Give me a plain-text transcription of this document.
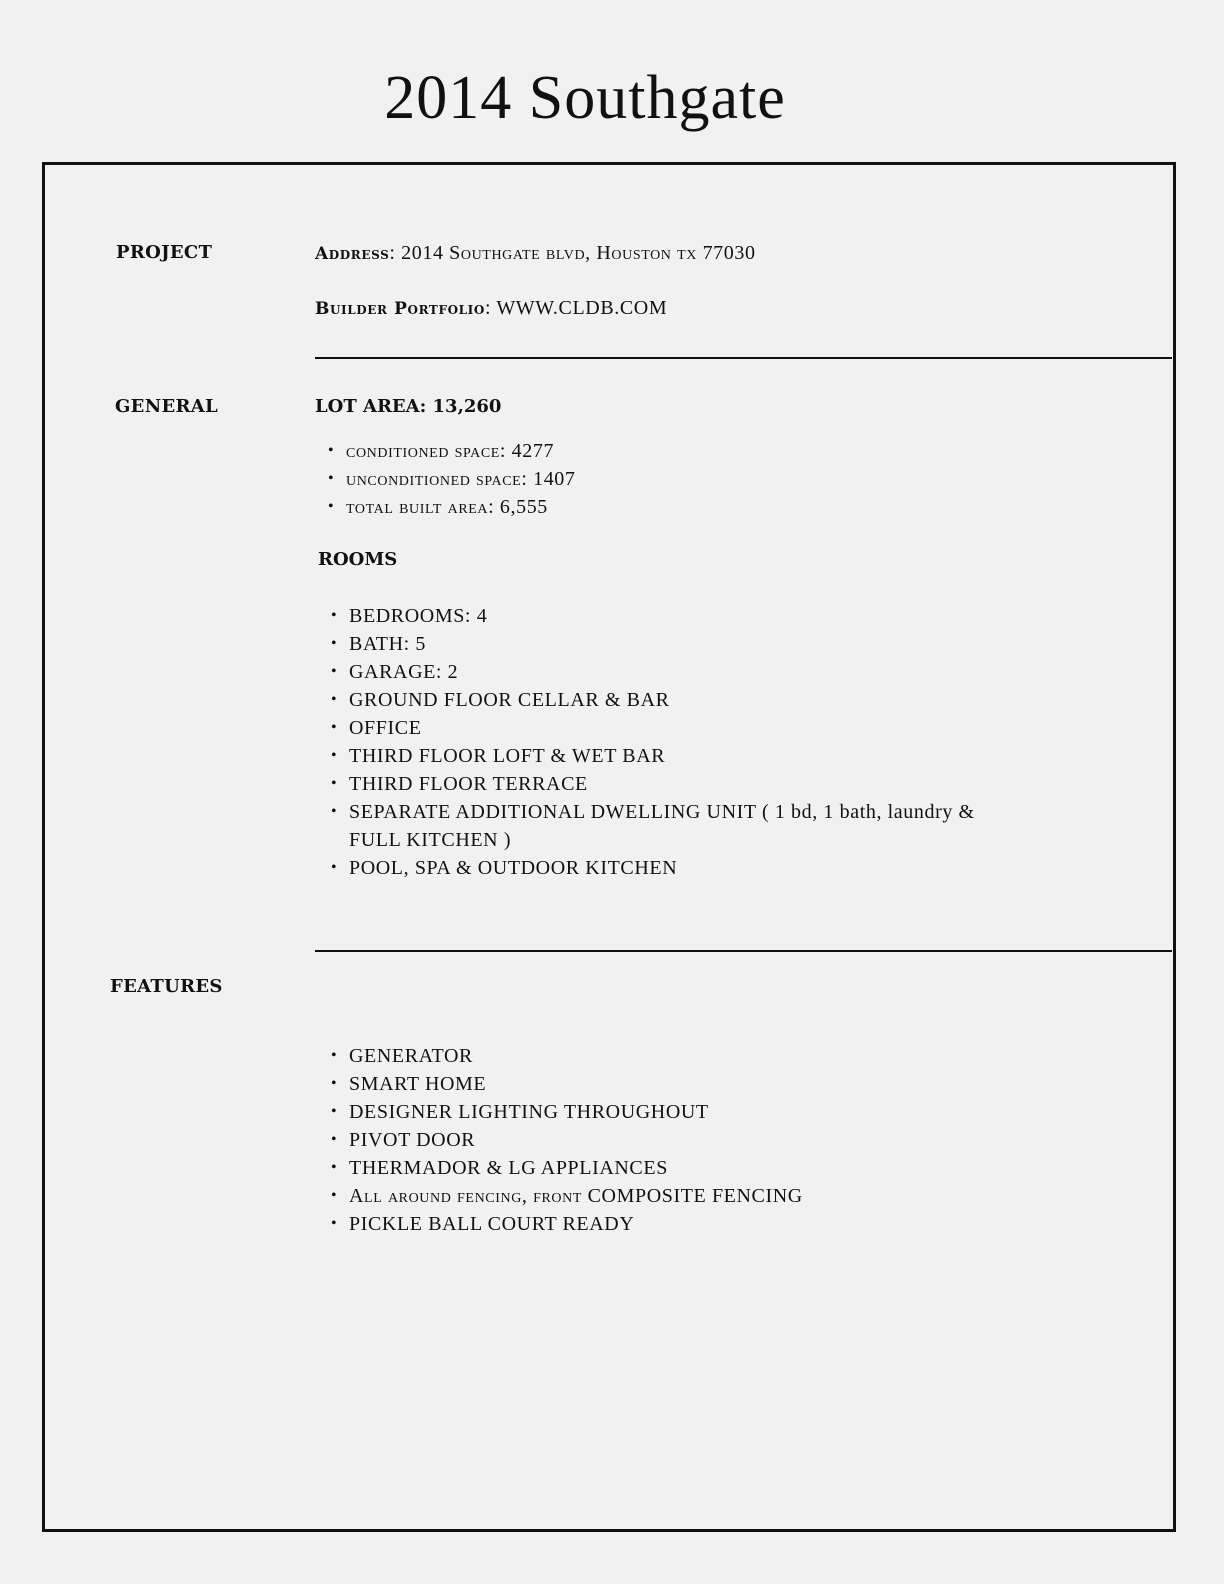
2014 Southgate

PROJECT	Address: 2014 Southgate blvd, Houston tx 77030

Builder Portfolio: WWW.CLDB.COM

GENERAL	LOT AREA: 13,260

• conditioned space: 4277
• unconditioned space: 1407
• total built area: 6,555

ROOMS

• BEDROOMS: 4
• BATH: 5
• GARAGE: 2
• GROUND FLOOR CELLAR & BAR
• OFFICE
• THIRD FLOOR LOFT & WET BAR
• THIRD FLOOR TERRACE
• SEPARATE ADDITIONAL DWELLING UNIT ( 1 bd, 1 bath, laundry & FULL KITCHEN )
• POOL, SPA & OUTDOOR KITCHEN

FEATURES

• GENERATOR
• SMART HOME
• DESIGNER LIGHTING THROUGHOUT
• PIVOT DOOR
• THERMADOR & LG APPLIANCES
• All around fencing, front COMPOSITE FENCING
• PICKLE BALL COURT READY
